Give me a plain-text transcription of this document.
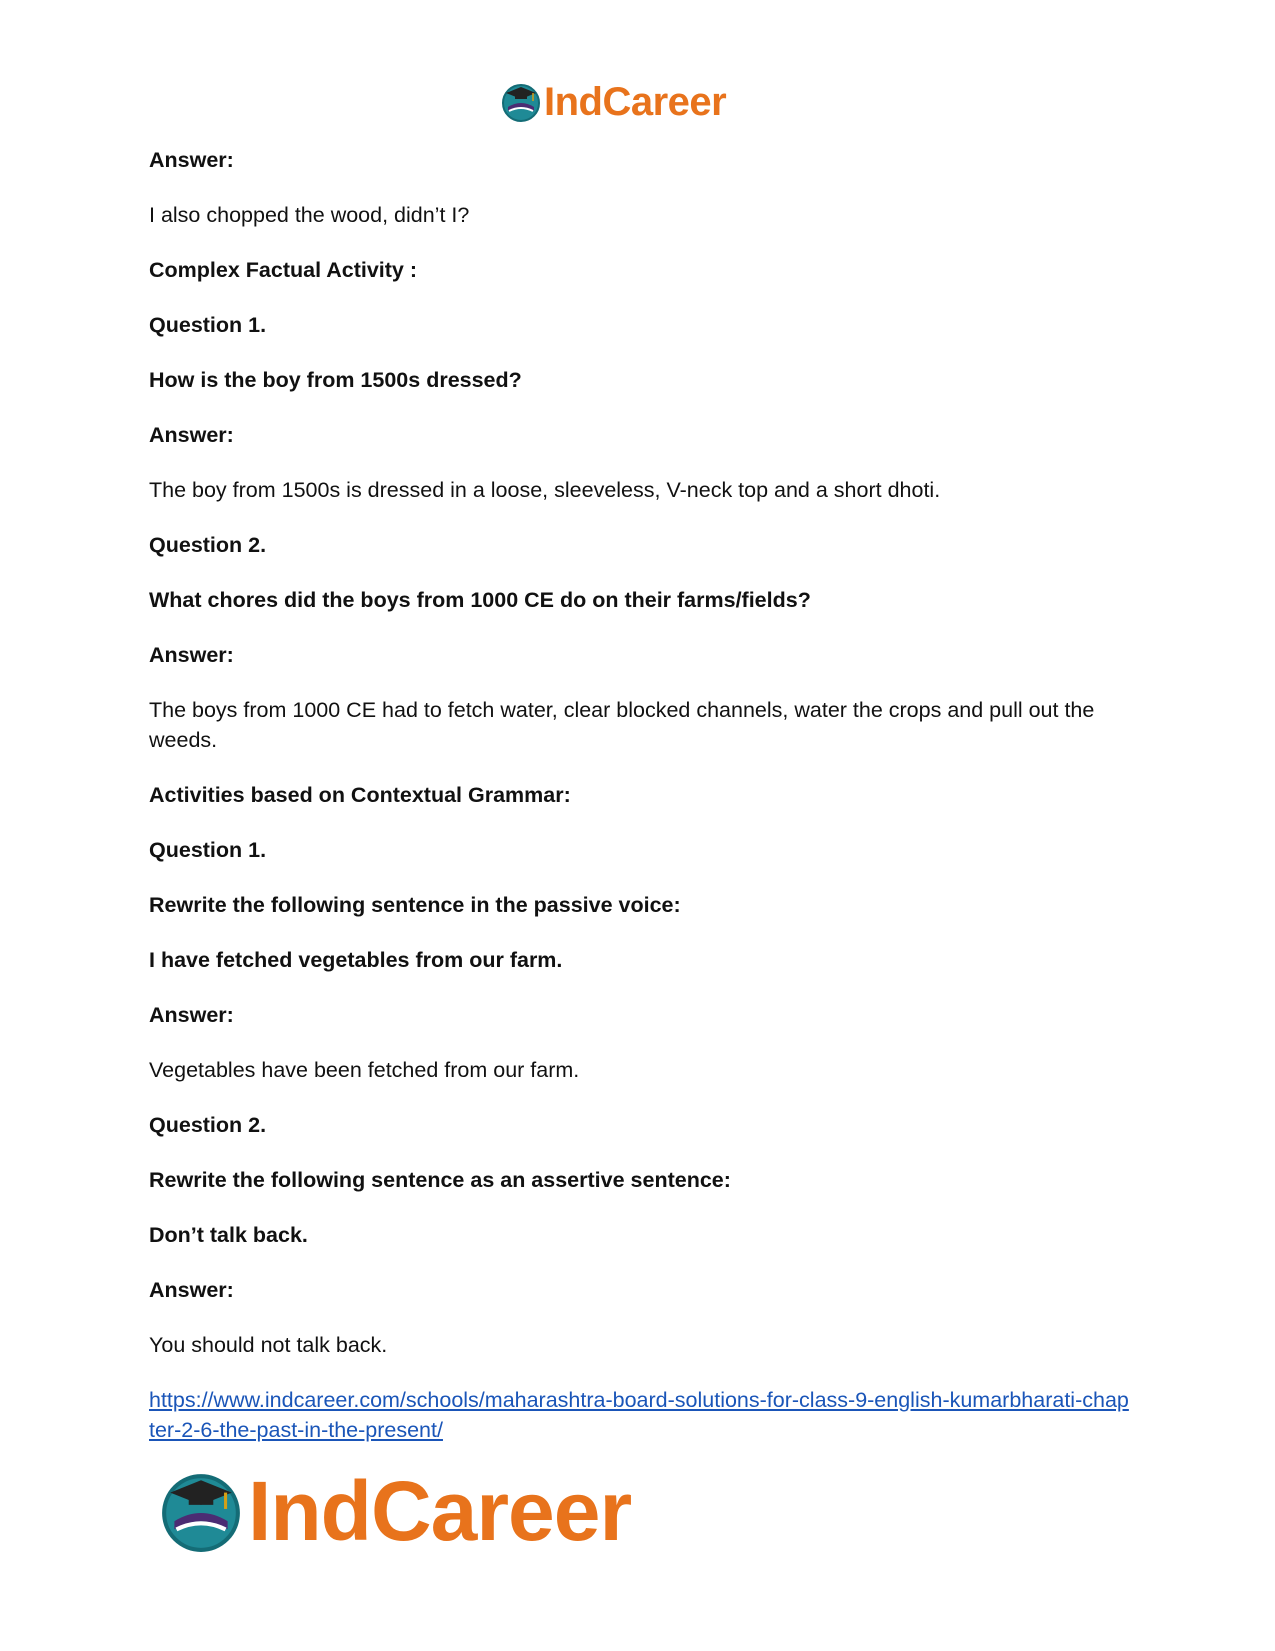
IndCareer

Answer:

I also chopped the wood, didn’t I?

Complex Factual Activity :

Question 1.

How is the boy from 1500s dressed?

Answer:

The boy from 1500s is dressed in a loose, sleeveless, V-neck top and a short dhoti.

Question 2.

What chores did the boys from 1000 CE do on their farms/fields?

Answer:

The boys from 1000 CE had to fetch water, clear blocked channels, water the crops and pull out the weeds.

Activities based on Contextual Grammar:

Question 1.

Rewrite the following sentence in the passive voice:

I have fetched vegetables from our farm.

Answer:

Vegetables have been fetched from our farm.

Question 2.

Rewrite the following sentence as an assertive sentence:

Don’t talk back.

Answer:

You should not talk back.

https://www.indcareer.com/schools/maharashtra-board-solutions-for-class-9-english-kumarbharati-chapter-2-6-the-past-in-the-present/
IndCareer
